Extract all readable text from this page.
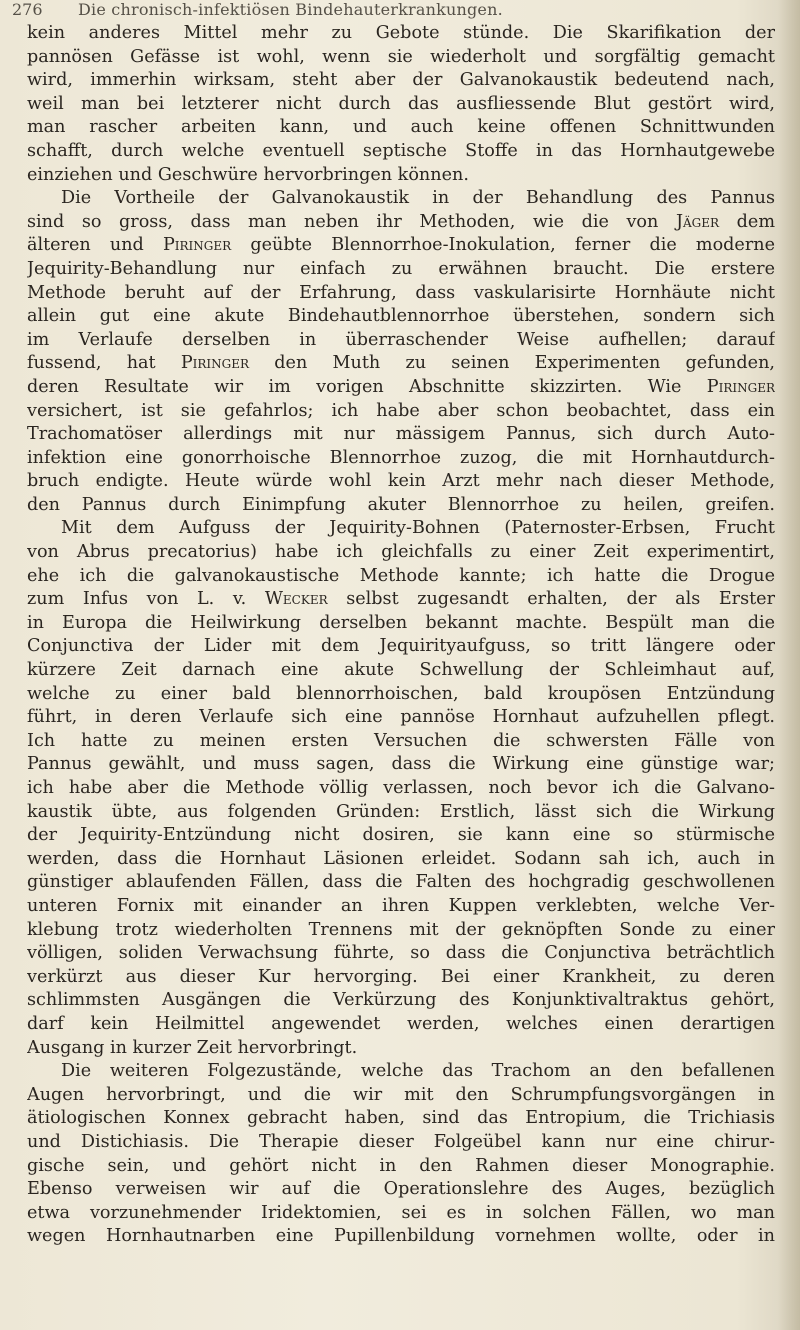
276 Die chronisch-infektiösen Bindehauterkrankungen.
kein anderes Mittel mehr zu Gebote stünde. Die Skarifikation der
pannösen Gefässe ist wohl, wenn sie wiederholt und sorgfältig gemacht
wird, immerhin wirksam, steht aber der Galvanokaustik bedeutend nach,
weil man bei letzterer nicht durch das ausfliessende Blut gestört wird,
man rascher arbeiten kann, und auch keine offenen Schnittwunden
schafft, durch welche eventuell septische Stoffe in das Hornhautgewebe
einziehen und Geschwüre hervorbringen können.
Die Vortheile der Galvanokaustik in der Behandlung des Pannus
sind so gross, dass man neben ihr Methoden, wie die von Jäger dem
älteren und Piringer geübte Blennorrhoe-Inokulation, ferner die moderne
Jequirity-Behandlung nur einfach zu erwähnen braucht. Die erstere
Methode beruht auf der Erfahrung, dass vaskularisirte Hornhäute nicht
allein gut eine akute Bindehautblennorrhoe überstehen, sondern sich
im Verlaufe derselben in überraschender Weise aufhellen; darauf
fussend, hat Piringer den Muth zu seinen Experimenten gefunden,
deren Resultate wir im vorigen Abschnitte skizzirten. Wie Piringer
versichert, ist sie gefahrlos; ich habe aber schon beobachtet, dass ein
Trachomatöser allerdings mit nur mässigem Pannus, sich durch Auto-
infektion eine gonorrhoische Blennorrhoe zuzog, die mit Hornhautdurch-
bruch endigte. Heute würde wohl kein Arzt mehr nach dieser Methode,
den Pannus durch Einimpfung akuter Blennorrhoe zu heilen, greifen.
Mit dem Aufguss der Jequirity-Bohnen (Paternoster-Erbsen, Frucht
von Abrus precatorius) habe ich gleichfalls zu einer Zeit experimentirt,
ehe ich die galvanokaustische Methode kannte; ich hatte die Drogue
zum Infus von L. v. Wecker selbst zugesandt erhalten, der als Erster
in Europa die Heilwirkung derselben bekannt machte. Bespült man die
Conjunctiva der Lider mit dem Jequirityaufguss, so tritt längere oder
kürzere Zeit darnach eine akute Schwellung der Schleimhaut auf,
welche zu einer bald blennorrhoischen, bald kroupösen Entzündung
führt, in deren Verlaufe sich eine pannöse Hornhaut aufzuhellen pflegt.
Ich hatte zu meinen ersten Versuchen die schwersten Fälle von
Pannus gewählt, und muss sagen, dass die Wirkung eine günstige war;
ich habe aber die Methode völlig verlassen, noch bevor ich die Galvano-
kaustik übte, aus folgenden Gründen: Erstlich, lässt sich die Wirkung
der Jequirity-Entzündung nicht dosiren, sie kann eine so stürmische
werden, dass die Hornhaut Läsionen erleidet. Sodann sah ich, auch in
günstiger ablaufenden Fällen, dass die Falten des hochgradig geschwollenen
unteren Fornix mit einander an ihren Kuppen verklebten, welche Ver-
klebung trotz wiederholten Trennens mit der geknöpften Sonde zu einer
völligen, soliden Verwachsung führte, so dass die Conjunctiva beträchtlich
verkürzt aus dieser Kur hervorging. Bei einer Krankheit, zu deren
schlimmsten Ausgängen die Verkürzung des Konjunktivaltraktus gehört,
darf kein Heilmittel angewendet werden, welches einen derartigen
Ausgang in kurzer Zeit hervorbringt.
Die weiteren Folgezustände, welche das Trachom an den befallenen
Augen hervorbringt, und die wir mit den Schrumpfungsvorgängen in
ätiologischen Konnex gebracht haben, sind das Entropium, die Trichiasis
und Distichiasis. Die Therapie dieser Folgeübel kann nur eine chirur-
gische sein, und gehört nicht in den Rahmen dieser Monographie.
Ebenso verweisen wir auf die Operationslehre des Auges, bezüglich
etwa vorzunehmender Iridektomien, sei es in solchen Fällen, wo man
wegen Hornhautnarben eine Pupillenbildung vornehmen wollte, oder in
